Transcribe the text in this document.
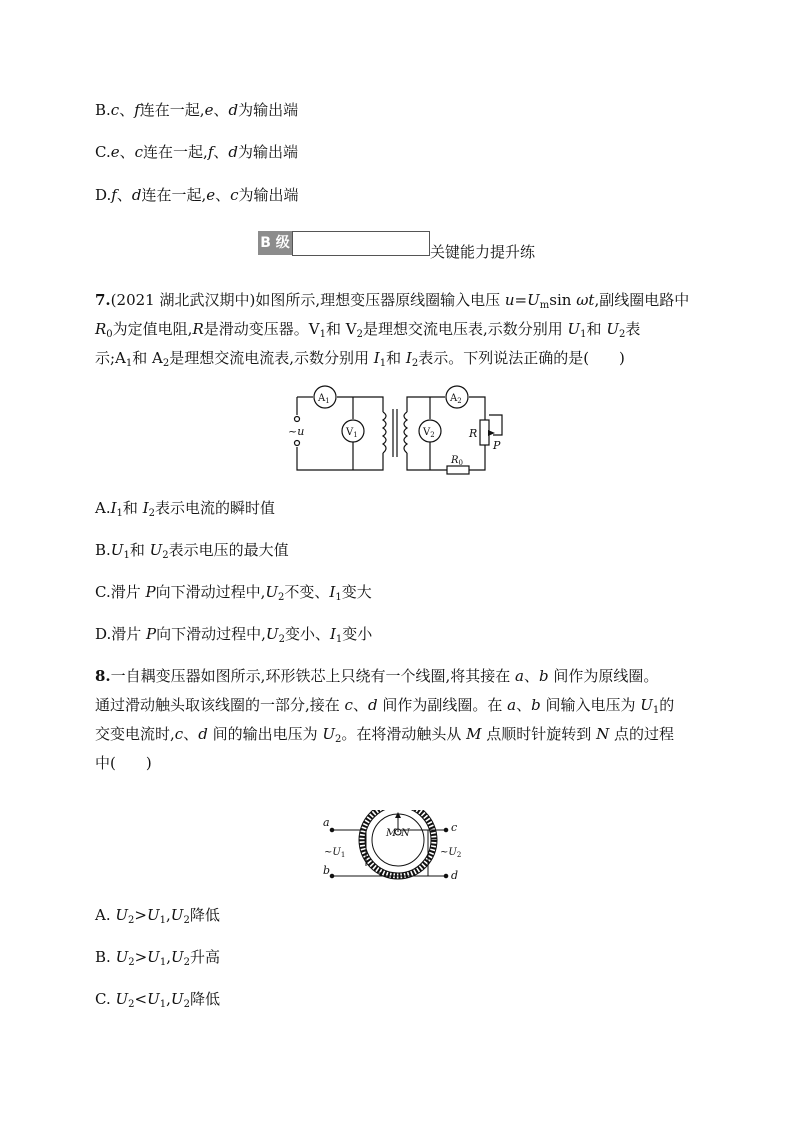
B.c、f连在一起,e、d为输出端
C.e、c连在一起,f、d为输出端
D.f、d连在一起,e、c为输出端
B 级	关键能力提升练
7.(2021 湖北武汉期中)如图所示,理想变压器原线圈输入电压 $u=U_m\sin$ ωt,副线圈电路中
$R_0$为定值电阻,R是滑动变压器。$V_1$和 $V_2$是理想交流电压表,示数分别用 $U_1$和 $U_2$表
示$;A_1$和 $A_2$是理想交流电流表,示数分别用 $I_1$和 $I_2$表示。下列说法正确的是(　　)
$A_1$	$A_2$
$V_1$	$V_2$
~u	R
P
$R_0$
$A.I_1$和 $I_2$表示电流的瞬时值
$B.U_1$和 $U_2$表示电压的最大值
C.滑片 P向下滑动过程中$,U_2$不变、$I_1$变大
D.滑片 P向下滑动过程中$,U_2$变小、$I_1$变小
8.一自耦变压器如图所示,环形铁芯上只绕有一个线圈,将其接在 a、b 间作为原线圈。
通过滑动触头取该线圈的一部分,接在 c、d 间作为副线圈。在 a、b 间输入电压为 $U_1$的
交变电流时,c、d 间的输出电压为 $U_2$。在将滑动触头从 M 点顺时针旋转到 N 点的过程
中(　　)
a
b
c
d
M N
$\sim U_1$	$\sim U_2$
A. $U_2>U_1,U_2$降低
B. $U_2>U_1,U_2$升高
C. $U_2<U_1,U_2$降低
